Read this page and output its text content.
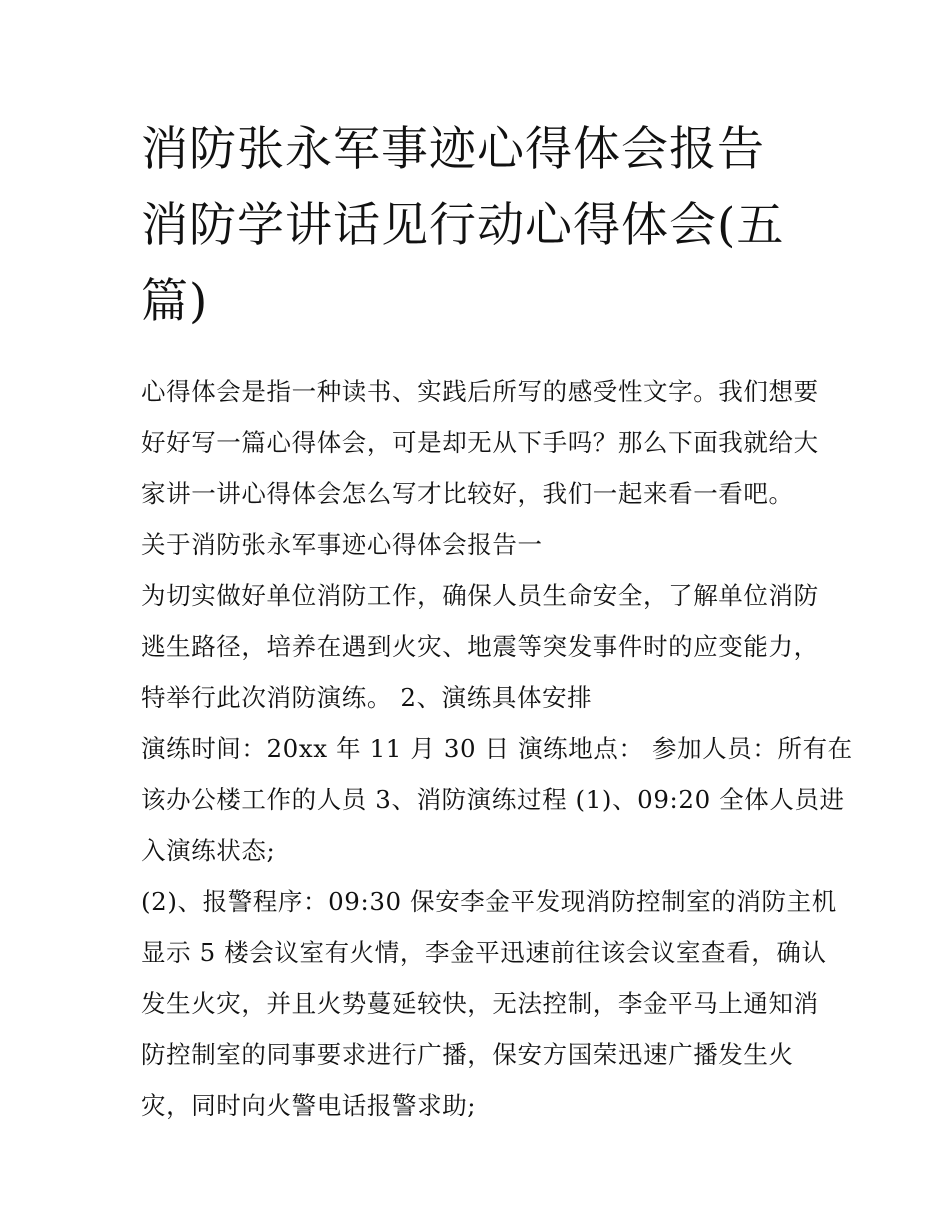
消防张永军事迹心得体会报告
消防学讲话见行动心得体会(五
篇)
心得体会是指一种读书、实践后所写的感受性文字。我们想要
好好写一篇心得体会，可是却无从下手吗？那么下面我就给大
家讲一讲心得体会怎么写才比较好，我们一起来看一看吧。
关于消防张永军事迹心得体会报告一
为切实做好单位消防工作，确保人员生命安全，了解单位消防
逃生路径，培养在遇到火灾、地震等突发事件时的应变能力，
特举行此次消防演练。 2、演练具体安排
演练时间：20xx 年 11 月 30 日 演练地点： 参加人员：所有在
该办公楼工作的人员 3、消防演练过程 (1)、09:20 全体人员进
入演练状态;
(2)、报警程序：09:30 保安李金平发现消防控制室的消防主机
显示 5 楼会议室有火情，李金平迅速前往该会议室查看，确认
发生火灾，并且火势蔓延较快，无法控制，李金平马上通知消
防控制室的同事要求进行广播，保安方国荣迅速广播发生火
灾，同时向火警电话报警求助;
